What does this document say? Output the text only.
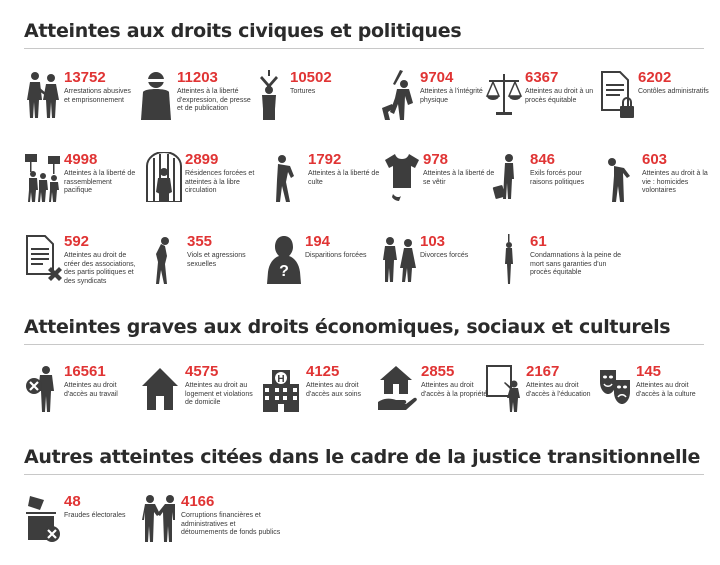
Atteintes aux droits civiques et politiques
13752
Arrestations abusives et emprisonnement
11203
Atteintes à la liberté d'expression, de presse et de publication
10502
Tortures
9704
Atteintes à l'intégrité physique
6367
Atteintes au droit à un procès équitable
6202
Contôles administratifs
4998
Atteintes à la liberté de rassemblement pacifique
2899
Résidences forcées et atteintes à la libre circulation
1792
Atteintes à la liberté de culte
978
Atteintes à la liberté de se vêtir
846
Exils forcés pour raisons politiques
603
Atteintes au droit à la vie : homicides volontaires
592
Atteintes au droit de créer des associations, des partis politiques et des syndicats
355
Viols et agressions sexuelles	?
194
Disparitions forcées
103
Divorces forcés
61
Condamnations à la peine de mort sans garanties d'un procès équitable
Atteintes graves aux droits économiques, sociaux et culturels
16561
Atteintes au droit d'accès au travail
4575
Atteintes au droit au logement et violations de domicile
H 4125
Atteintes au droit d'accès aux soins
2855
Atteintes au droit d'accès à la propriété
2167
Atteintes au droit d'accès à l'éducation
145
Atteintes au droit d'accès à la culture
Autres atteintes citées dans le cadre de la justice transitionnelle
48
Fraudes électorales
4166
Corruptions financières et administratives et détournements de fonds publics
